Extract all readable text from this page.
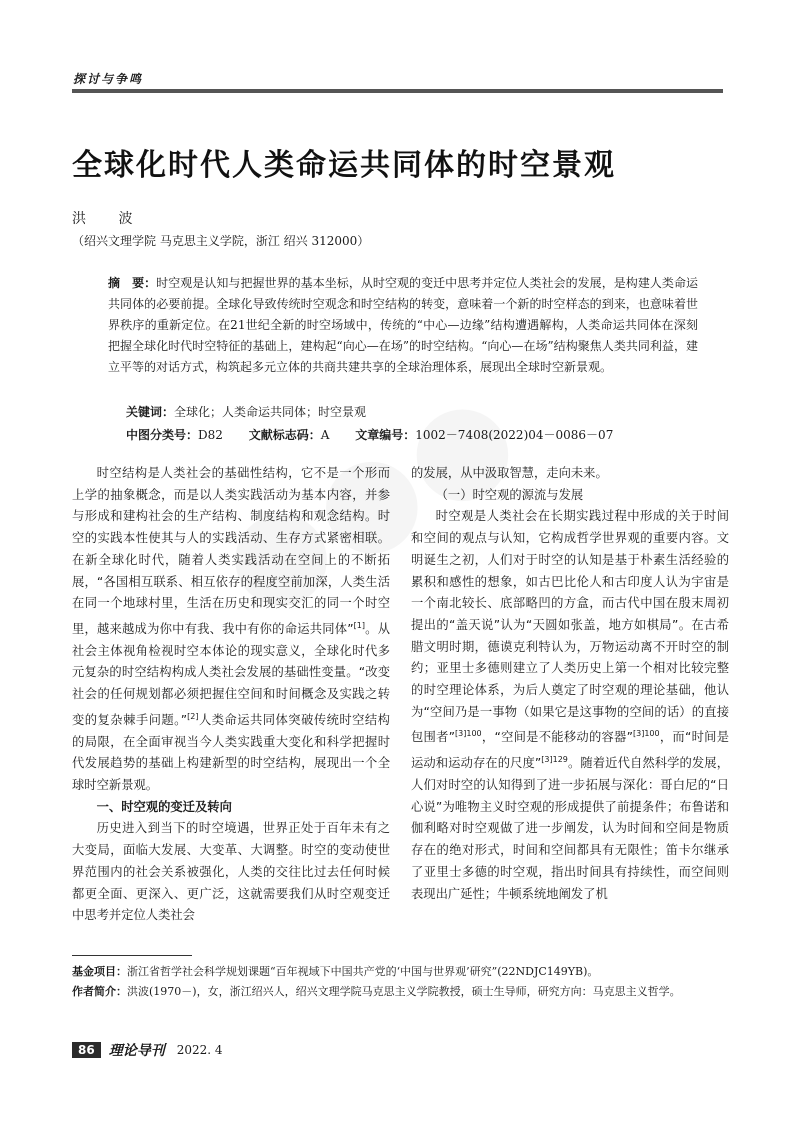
探讨与争鸣
全球化时代人类命运共同体的时空景观
洪 波
（绍兴文理学院 马克思主义学院，浙江 绍兴 312000）
摘　要：时空观是认知与把握世界的基本坐标，从时空观的变迁中思考并定位人类社会的发展，是构建人类命运共同体的必要前提。全球化导致传统时空观念和时空结构的转变，意味着一个新的时空样态的到来，也意味着世界秩序的重新定位。在21世纪全新的时空场域中，传统的“中心—边缘”结构遭遇解构，人类命运共同体在深刻把握全球化时代时空特征的基础上，建构起“向心—在场”的时空结构。“向心—在场”结构聚焦人类共同利益，建立平等的对话方式，构筑起多元立体的共商共建共享的全球治理体系，展现出全球时空新景观。
关键词：全球化；人类命运共同体；时空景观
中图分类号：D82 文献标志码：A 文章编号：1002－7408(2022)04－0086－07

时空结构是人类社会的基础性结构，它不是一个形而上学的抽象概念，而是以人类实践活动为基本内容，并参与形成和建构社会的生产结构、制度结构和观念结构。时空的实践本性使其与人的实践活动、生存方式紧密相联。在新全球化时代，随着人类实践活动在空间上的不断拓展，“各国相互联系、相互依存的程度空前加深，人类生活在同一个地球村里，生活在历史和现实交汇的同一个时空里，越来越成为你中有我、我中有你的命运共同体”[1]。从社会主体视角检视时空本体论的现实意义，全球化时代多元复杂的时空结构构成人类社会发展的基础性变量。“改变社会的任何规划都必须把握住空间和时间概念及实践之转变的复杂棘手问题。”[2]人类命运共同体突破传统时空结构的局限，在全面审视当今人类实践重大变化和科学把握时代发展趋势的基础上构建新型的时空结构，展现出一个全球时空新景观。

一、时空观的变迁及转向

历史进入到当下的时空境遇，世界正处于百年未有之大变局，面临大发展、大变革、大调整。时空的变动使世界范围内的社会关系被强化，人类的交往比过去任何时候都更全面、更深入、更广泛，这就需要我们从时空观变迁中思考并定位人类社会

的发展，从中汲取智慧，走向未来。

（一）时空观的源流与发展

时空观是人类社会在长期实践过程中形成的关于时间和空间的观点与认知，它构成哲学世界观的重要内容。文明诞生之初，人们对于时空的认知是基于朴素生活经验的累积和感性的想象，如古巴比伦人和古印度人认为宇宙是一个南北较长、底部略凹的方盒，而古代中国在殷末周初提出的“盖天说”认为“天圆如张盖，地方如棋局”。在古希腊文明时期，德谟克利特认为，万物运动离不开时空的制约；亚里士多德则建立了人类历史上第一个相对比较完整的时空理论体系，为后人奠定了时空观的理论基础，他认为“空间乃是一事物（如果它是这事物的空间的话）的直接包围者”$^{[3]100}$，“空间是不能移动的容器”$^{[3]100}$，而“时间是运动和运动存在的尺度”$^{[3]129}$。随着近代自然科学的发展，人们对时空的认知得到了进一步拓展与深化：哥白尼的“日心说”为唯物主义时空观的形成提供了前提条件；布鲁诺和伽利略对时空观做了进一步阐发，认为时间和空间是物质存在的绝对形式，时间和空间都具有无限性；笛卡尔继承了亚里士多德的时空观，指出时间具有持续性，而空间则表现出广延性；牛顿系统地阐发了机

基金项目：浙江省哲学社会科学规划课题“百年视域下中国共产党的‘中国与世界观’研究”(22NDJC149YB)。

作者简介：洪波(1970－)，女，浙江绍兴人，绍兴文理学院马克思主义学院教授，硕士生导师，研究方向：马克思主义哲学。

86	理论导刊 2022. 4
